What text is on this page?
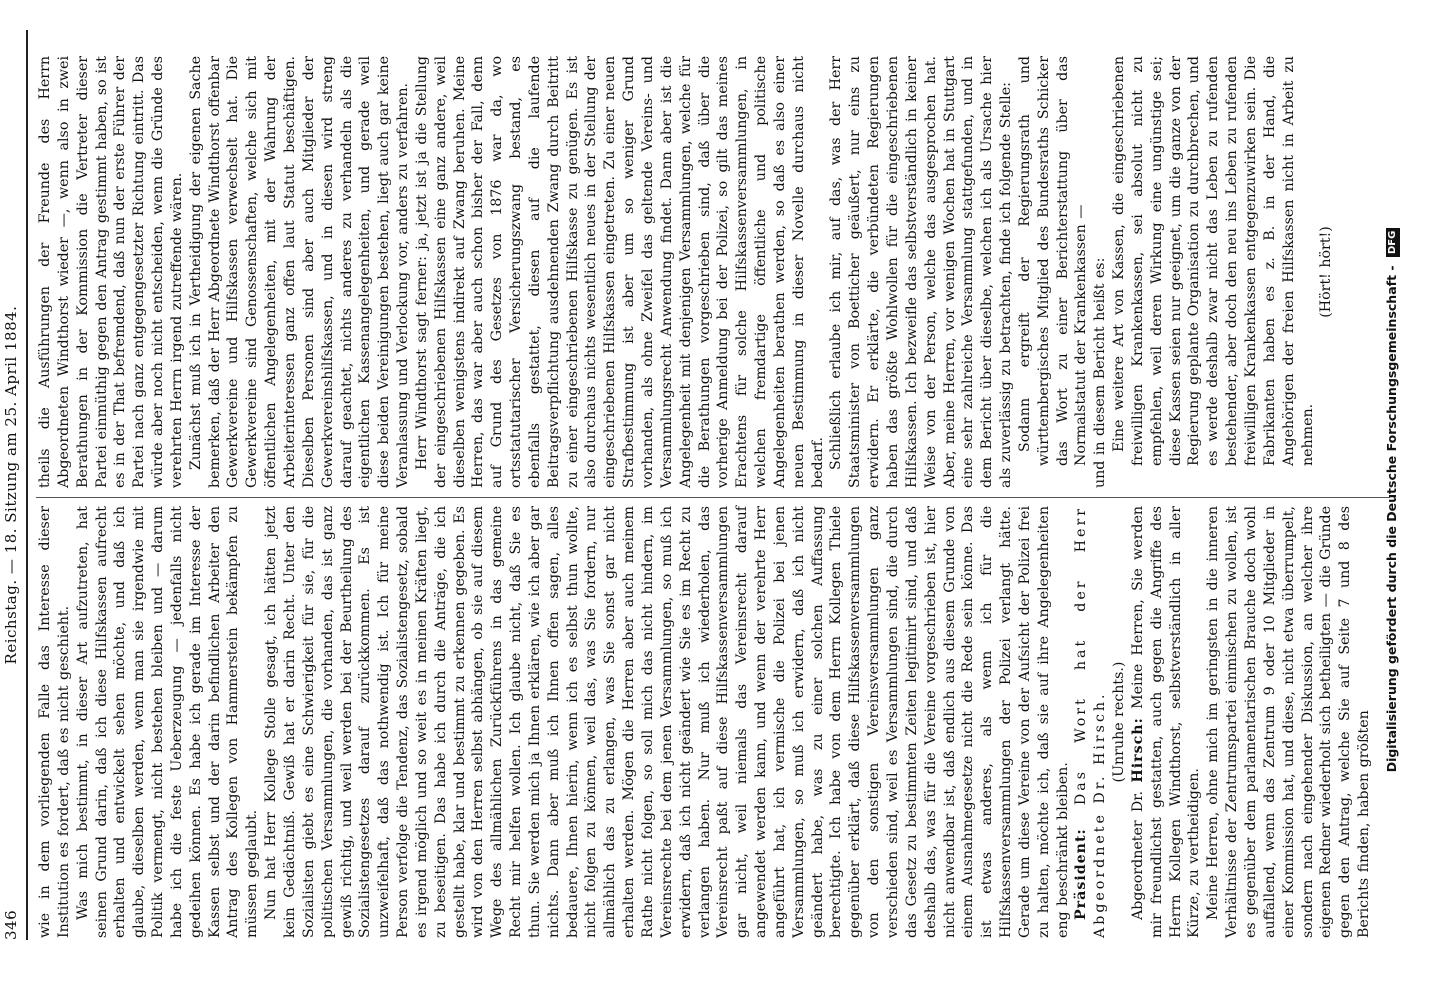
346
Reichstag. — 18. Sitzung am 25. April 1884.

wie in dem vorliegenden Falle das Interesse dieser Institution es fordert, daß es nicht geschieht. Was mich bestimmt, in dieser Art aufzutreten, hat seinen Grund darin, daß ich diese Hilfskassen aufrecht erhalten und entwickelt sehen möchte, und daß ich glaube, dieselben werden, wenn man sie irgendwie mit Politik vermengt, nicht bestehen bleiben und — darum habe ich die feste Ueberzeugung — jedenfalls nicht gedeihen können. Es habe ich gerade im Interesse der Kassen selbst und der darin befindlichen Arbeiter den Antrag des Kollegen von Hammerstein bekämpfen zu müssen geglaubt. Nun hat Herr Kollege Stolle gesagt, ich hätten jetzt kein Gedächtniß. Gewiß hat er darin Recht. Unter den Sozialisten giebt es eine Schwierigkeit für sie, für die politischen Versammlungen, die vorhanden, das ist ganz gewiß richtig, und weil werden bei der Beurtheilung des Sozialistengesetzes darauf zurückkommen. Es ist unzweifelhaft, daß das nothwendig ist. Ich für meine Person verfolge die Tendenz, das Sozialistengesetz, sobald es irgend möglich und so weit es in meinen Kräften liegt, zu beseitigen. Das habe ich durch die Anträge, die ich gestellt habe, klar und bestimmt zu erkennen gegeben. Es wird von den Herren selbst abhängen, ob sie auf diesem Wege des allmählichen Zurückführens in das gemeine Recht mir helfen wollen. Ich glaube nicht, daß Sie es thun. Sie werden mich ja Ihnen erklären, wie ich aber gar nichts. Dann aber muß ich Ihnen offen sagen, alles bedauere, Ihnen hierin, wenn ich es selbst thun wollte, nicht folgen zu können, weil das, was Sie fordern, nur allmählich das zu erlangen, was Sie sonst gar nicht erhalten werden. Mögen die Herren aber auch meinem Rathe nicht folgen, so soll mich das nicht hindern, im Vereinsrechte bei dem jenen Versammlungen, so muß ich erwidern, daß ich nicht geändert wie Sie es im Recht zu verlangen haben. Nur muß ich wiederholen, das Vereinsrecht paßt auf diese Hilfskassenversammlungen gar nicht, weil niemals das Vereinsrecht darauf angewendet werden kann, und wenn der verehrte Herr angeführt hat, ich vermische die Polizei bei jenen Versammlungen, so muß ich erwidern, daß ich nicht geändert habe, was zu einer solchen Auffassung berechtigte. Ich habe von dem Herrn Kollegen Thiele gegenüber erklärt, daß diese Hilfskassenversammlungen von den sonstigen Vereinsversammlungen ganz verschieden sind, weil es Versammlungen sind, die durch das Gesetz zu bestimmten Zeiten legitimirt sind, und daß deshalb das, was für die Vereine vorgeschrieben ist, hier nicht anwendbar ist, daß endlich aus diesem Grunde von einem Ausnahmegesetze nicht die Rede sein könne. Das ist etwas anderes, als wenn ich für die Hilfskassenversammlungen der Polizei verlangt hätte. Gerade um diese Vereine von der Aufsicht der Polizei frei zu halten, möchte ich, daß sie auf ihre Angelegenheiten eng beschränkt bleiben. Präsident: Das Wort hat der Herr Abgeordnete Dr. Hirsch. (Unruhe rechts.)

Abgeordneter Dr. Hirsch: Meine Herren, Sie werden mir freundlichst gestatten, auch gegen die Angriffe des Herrn Kollegen Windthorst, selbstverständlich in aller Kürze, zu vertheidigen. Meine Herren, ohne mich im geringsten in die inneren Verhältnisse der Zentrumspartei einmischen zu wollen, ist es gegenüber dem parlamentarischen Brauche doch wohl auffallend, wenn das Zentrum 9 oder 10 Mitglieder in einer Kommission hat, und diese, nicht etwa überrumpelt, sondern nach eingehender Diskussion, an welcher ihre eigenen Redner wiederholt sich betheiligten — die Gründe gegen den Antrag, welche Sie auf Seite 7 und 8 des Berichts finden, haben größten

theils die Ausführungen der Freunde des Herrn Abgeordneten Windthorst wieder —, wenn also in zwei Berathungen in der Kommission die Vertreter dieser Partei einmüthig gegen den Antrag gestimmt haben, so ist es in der That befremdend, daß nun der erste Führer der Partei nach ganz entgegengesetzter Richtung eintritt. Das würde aber noch nicht entscheiden, wenn die Gründe des verehrten Herrn irgend zutreffende wären. Zunächst muß ich in Vertheidigung der eigenen Sache bemerken, daß der Herr Abgeordnete Windthorst offenbar Gewerkvereine und Hilfskassen verwechselt hat. Die Gewerkvereine sind Genossenschaften, welche sich mit öffentlichen Angelegenheiten, mit der Wahrung der Arbeiterinteressen ganz offen laut Statut beschäftigen. Dieselben Personen sind aber auch Mitglieder der Gewerkvereinshilfskassen, und in diesen wird streng darauf geachtet, nichts anderes zu verhandeln als die eigentlichen Kassenangelegenheiten, und gerade weil diese beiden Vereinigungen bestehen, liegt auch gar keine Veranlassung und Verlockung vor, anders zu verfahren. Herr Windthorst sagt ferner: ja, jetzt ist ja die Stellung der eingeschriebenen Hilfskassen eine ganz andere, weil dieselben wenigstens indirekt auf Zwang beruhen. Meine Herren, das war aber auch schon bisher der Fall, denn auf Grund des Gesetzes von 1876 war da, wo ortsstatutarischer Versicherungszwang bestand, es ebenfalls gestattet, diesen auf die laufende Beitragsverpflichtung ausdehnenden Zwang durch Beitritt zu einer eingeschriebenen Hilfskasse zu genügen. Es ist also durchaus nichts wesentlich neues in der Stellung der eingeschriebenen Hilfskassen eingetreten. Zu einer neuen Strafbestimmung ist aber um so weniger Grund vorhanden, als ohne Zweifel das geltende Vereins- und Versammlungsrecht Anwendung findet. Dann aber ist die Angelegenheit mit denjenigen Versammlungen, welche für die Berathungen vorgeschrieben sind, daß über die vorherige Anmeldung bei der Polizei, so gilt das meines Erachtens für solche Hilfskassenversammlungen, in welchen fremdartige öffentliche und politische Angelegenheiten berathen werden, so daß es also einer neuen Bestimmung in dieser Novelle durchaus nicht bedarf. Schließlich erlaube ich mir, auf das, was der Herr Staatsminister von Boetticher geäußert, nur eins zu erwidern. Er erklärte, die verbündeten Regierungen haben das größte Wohlwollen für die eingeschriebenen Hilfskassen. Ich bezweifle das selbstverständlich in keiner Weise von der Person, welche das ausgesprochen hat. Aber, meine Herren, vor wenigen Wochen hat in Stuttgart eine sehr zahlreiche Versammlung stattgefunden, und in dem Bericht über dieselbe, welchen ich als Ursache hier als zuverlässig zu betrachten, finde ich folgende Stelle: Sodann ergreift der Regierungsrath und württembergisches Mitglied des Bundesraths Schicker das Wort zu einer Berichterstattung über das Normalstatut der Krankenkassen — und in diesem Bericht heißt es: Eine weitere Art von Kassen, die eingeschriebenen freiwilligen Krankenkassen, sei absolut nicht zu empfehlen, weil deren Wirkung eine ungünstige sei; diese Kassen seien nur geeignet, um die ganze von der Regierung geplante Organisation zu durchbrechen, und es werde deshalb zwar nicht das Leben zu rufenden bestehender, aber doch den neu ins Leben zu rufenden freiwilligen Krankenkassen entgegenzuwirken sein. Die Fabrikanten haben es z. B. in der Hand, die Angehörigen der freien Hilfskassen nicht in Arbeit zu nehmen.

(Hört! hört!)	Digitalisierung gefördert durch die Deutsche Forschungsgemeinschaft - DFG
